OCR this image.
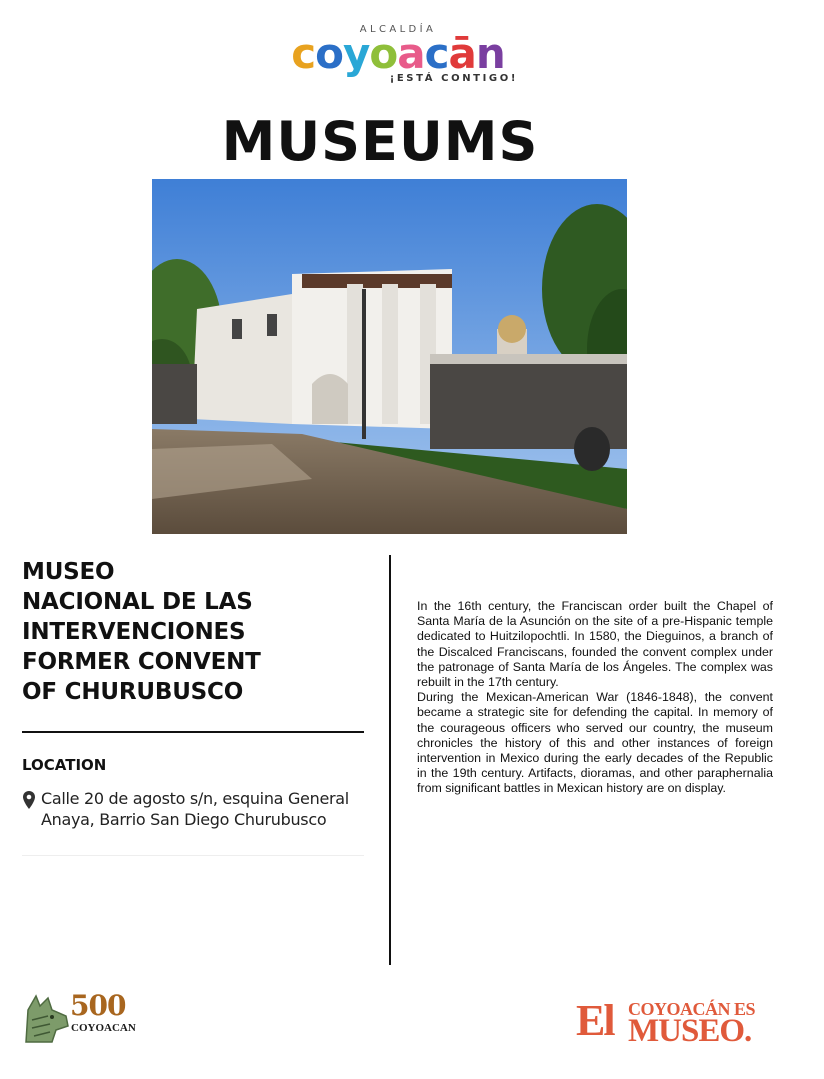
ALCALDÍA
coyoacān
¡ESTÁ CONTIGO!
MUSEUMS
MUSEO
NACIONAL DE LAS
INTERVENCIONES
FORMER CONVENT
OF CHURUBUSCO
LOCATION
Calle 20 de agosto s/n, esquina General Anaya, Barrio San Diego Churubusco

In the 16th century, the Franciscan order built the Chapel of Santa María de la Asunción on the site of a pre-Hispanic temple dedicated to Huitzilopochtli. In 1580, the Dieguinos, a branch of the Discalced Franciscans, founded the convent complex under the patronage of Santa María de los Ángeles. The complex was rebuilt in the 17th century.

During the Mexican-American War (1846-1848), the convent became a strategic site for defending the capital. In memory of the courageous officers who served our country, the museum chronicles the history of this and other instances of foreign intervention in Mexico during the early decades of the Republic in the 19th century. Artifacts, dioramas, and other paraphernalia from significant battles in Mexican history are on display.

500
COYOACAN	El COYOACÁN ES
MUSEO.
